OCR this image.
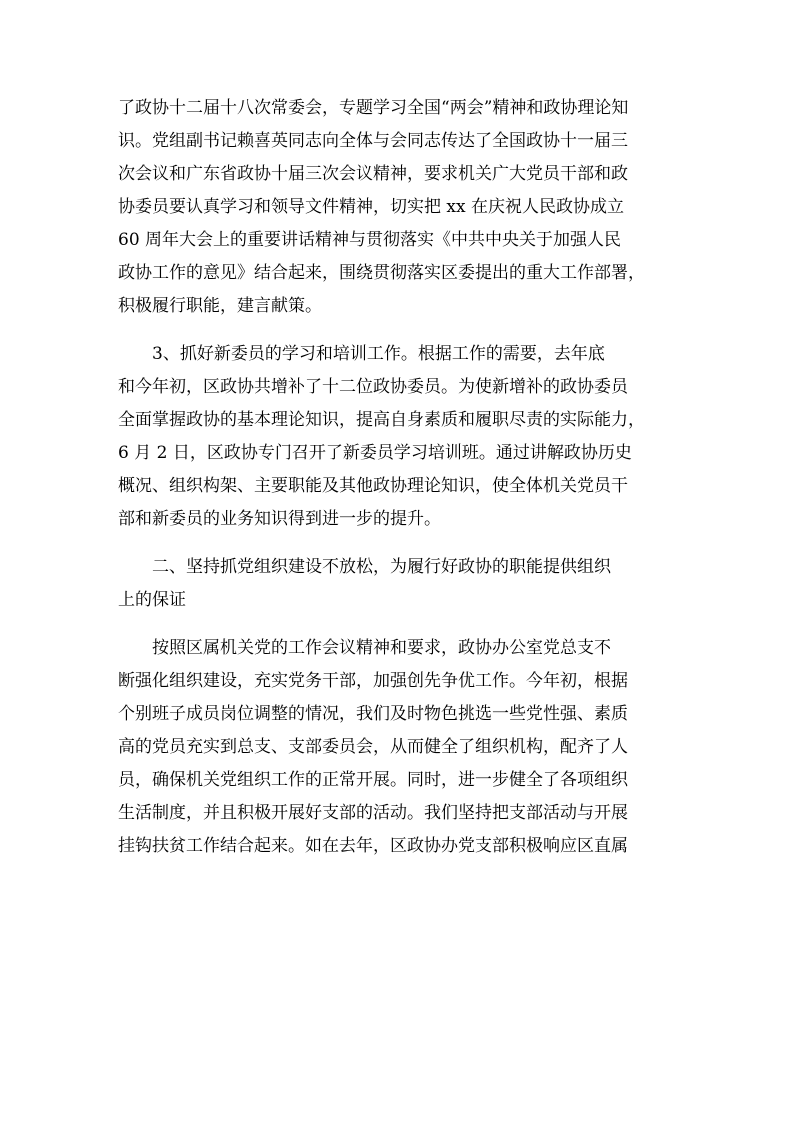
了政协十二届十八次常委会，专题学习全国“两会”精神和政协理论知
识。党组副书记赖喜英同志向全体与会同志传达了全国政协十一届三
次会议和广东省政协十届三次会议精神，要求机关广大党员干部和政
协委员要认真学习和领导文件精神，切实把 xx 在庆祝人民政协成立
60 周年大会上的重要讲话精神与贯彻落实《中共中央关于加强人民
政协工作的意见》结合起来，围绕贯彻落实区委提出的重大工作部署，
积极履行职能，建言献策。
3、抓好新委员的学习和培训工作。根据工作的需要，去年底
和今年初，区政协共增补了十二位政协委员。为使新增补的政协委员
全面掌握政协的基本理论知识，提高自身素质和履职尽责的实际能力，
6 月 2 日，区政协专门召开了新委员学习培训班。通过讲解政协历史
概况、组织构架、主要职能及其他政协理论知识，使全体机关党员干
部和新委员的业务知识得到进一步的提升。
二、坚持抓党组织建设不放松，为履行好政协的职能提供组织
上的保证
按照区属机关党的工作会议精神和要求，政协办公室党总支不
断强化组织建设，充实党务干部，加强创先争优工作。今年初，根据
个别班子成员岗位调整的情况，我们及时物色挑选一些党性强、素质
高的党员充实到总支、支部委员会，从而健全了组织机构，配齐了人
员，确保机关党组织工作的正常开展。同时，进一步健全了各项组织
生活制度，并且积极开展好支部的活动。我们坚持把支部活动与开展
挂钩扶贫工作结合起来。如在去年，区政协办党支部积极响应区直属
